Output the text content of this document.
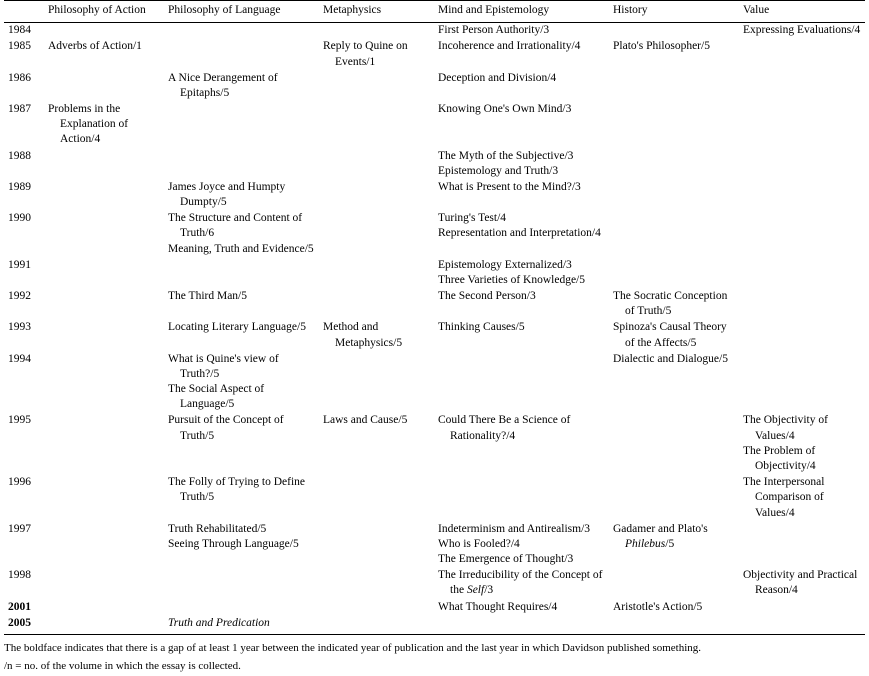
	Philosophy of Action	Philosophy of Language	Metaphysics	Mind and Epistemology	History	Value
1984				First Person Authority/3		Expressing Evaluations/4

1985	Adverbs of Action/1		Reply to Quine on Events/1	Incoherence and Irrationality/4	Plato's Philosopher/5	

1986		A Nice Derangement of Epitaphs/5		Deception and Division/4		

1987	Problems in the Explanation of Action/4			Knowing One's Own Mind/3		

1988				The Myth of the Subjective/3
Epistemology and Truth/3		

1989		James Joyce and Humpty Dumpty/5		What is Present to the Mind?/3		

1990		The Structure and Content of Truth/6
Meaning, Truth and Evidence/5		Turing's Test/4
Representation and Interpretation/4		

1991				Epistemology Externalized/3
Three Varieties of Knowledge/5		

1992		The Third Man/5		The Second Person/3	The Socratic Conception of Truth/5	

1993		Locating Literary Language/5	Method and Metaphysics/5	Thinking Causes/5	Spinoza's Causal Theory of the Affects/5	

1994		What is Quine's view of Truth?/5
The Social Aspect of Language/5			Dialectic and Dialogue/5	

1995		Pursuit of the Concept of Truth/5	Laws and Cause/5	Could There Be a Science of Rationality?/4		The Objectivity of Values/4
The Problem of Objectivity/4

1996		The Folly of Trying to Define Truth/5				The Interpersonal Comparison of Values/4

1997		Truth Rehabilitated/5
Seeing Through Language/5		Indeterminism and Antirealism/3
Who is Fooled?/4
The Emergence of Thought/3	Gadamer and Plato's Philebus/5	

1998				The Irreducibility of the Concept of the Self/3		Objectivity and Practical Reason/4

2001				What Thought Requires/4	Aristotle's Action/5	

2005		Truth and Predication				

The boldface indicates that there is a gap of at least 1 year between the indicated year of publication and the last year in which Davidson published something.
/n = no. of the volume in which the essay is collected.
